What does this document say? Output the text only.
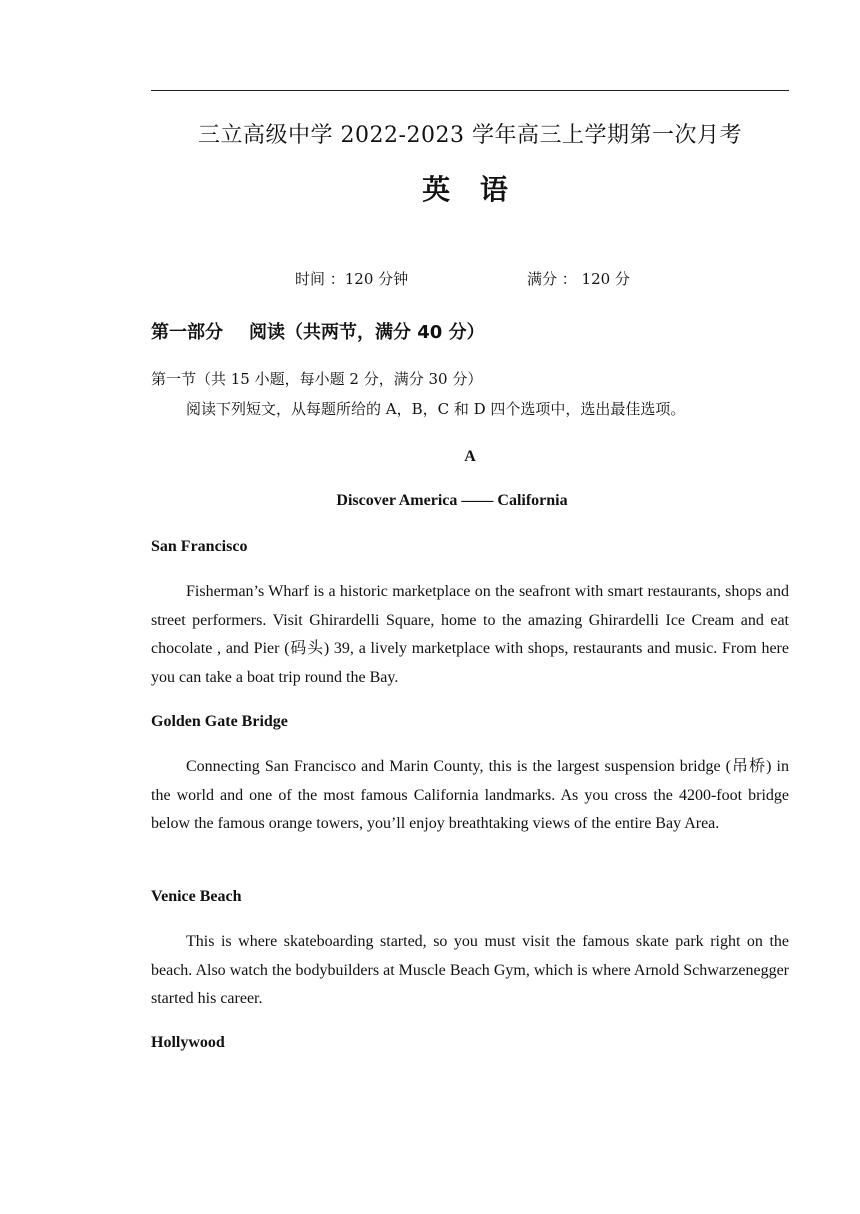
三立高级中学 2022-2023 学年高三上学期第一次月考
英 语
时间 ：120 分钟	满分 ： 120 分
第一部分 阅读（共两节，满分 40 分）
第一节（共 15 小题，每小题 2 分，满分 30 分）
阅读下列短文，从每题所给的 A，B，C 和 D 四个选项中，选出最佳选项。
A
Discover America —— California
San Francisco
Fisherman’s Wharf is a historic marketplace on the seafront with smart restaurants, shops and street performers. Visit Ghirardelli Square, home to the amazing Ghirardelli Ice Cream and eat chocolate , and Pier (码头) 39, a lively marketplace with shops, restaurants and music. From here you can take a boat trip round the Bay.
Golden Gate Bridge
Connecting San Francisco and Marin County, this is the largest suspension bridge (吊桥) in the world and one of the most famous California landmarks. As you cross the 4200-foot bridge below the famous orange towers, you’ll enjoy breathtaking views of the entire Bay Area.
Venice Beach
This is where skateboarding started, so you must visit the famous skate park right on the beach. Also watch the bodybuilders at Muscle Beach Gym, which is where Arnold Schwarzenegger started his career.
Hollywood
